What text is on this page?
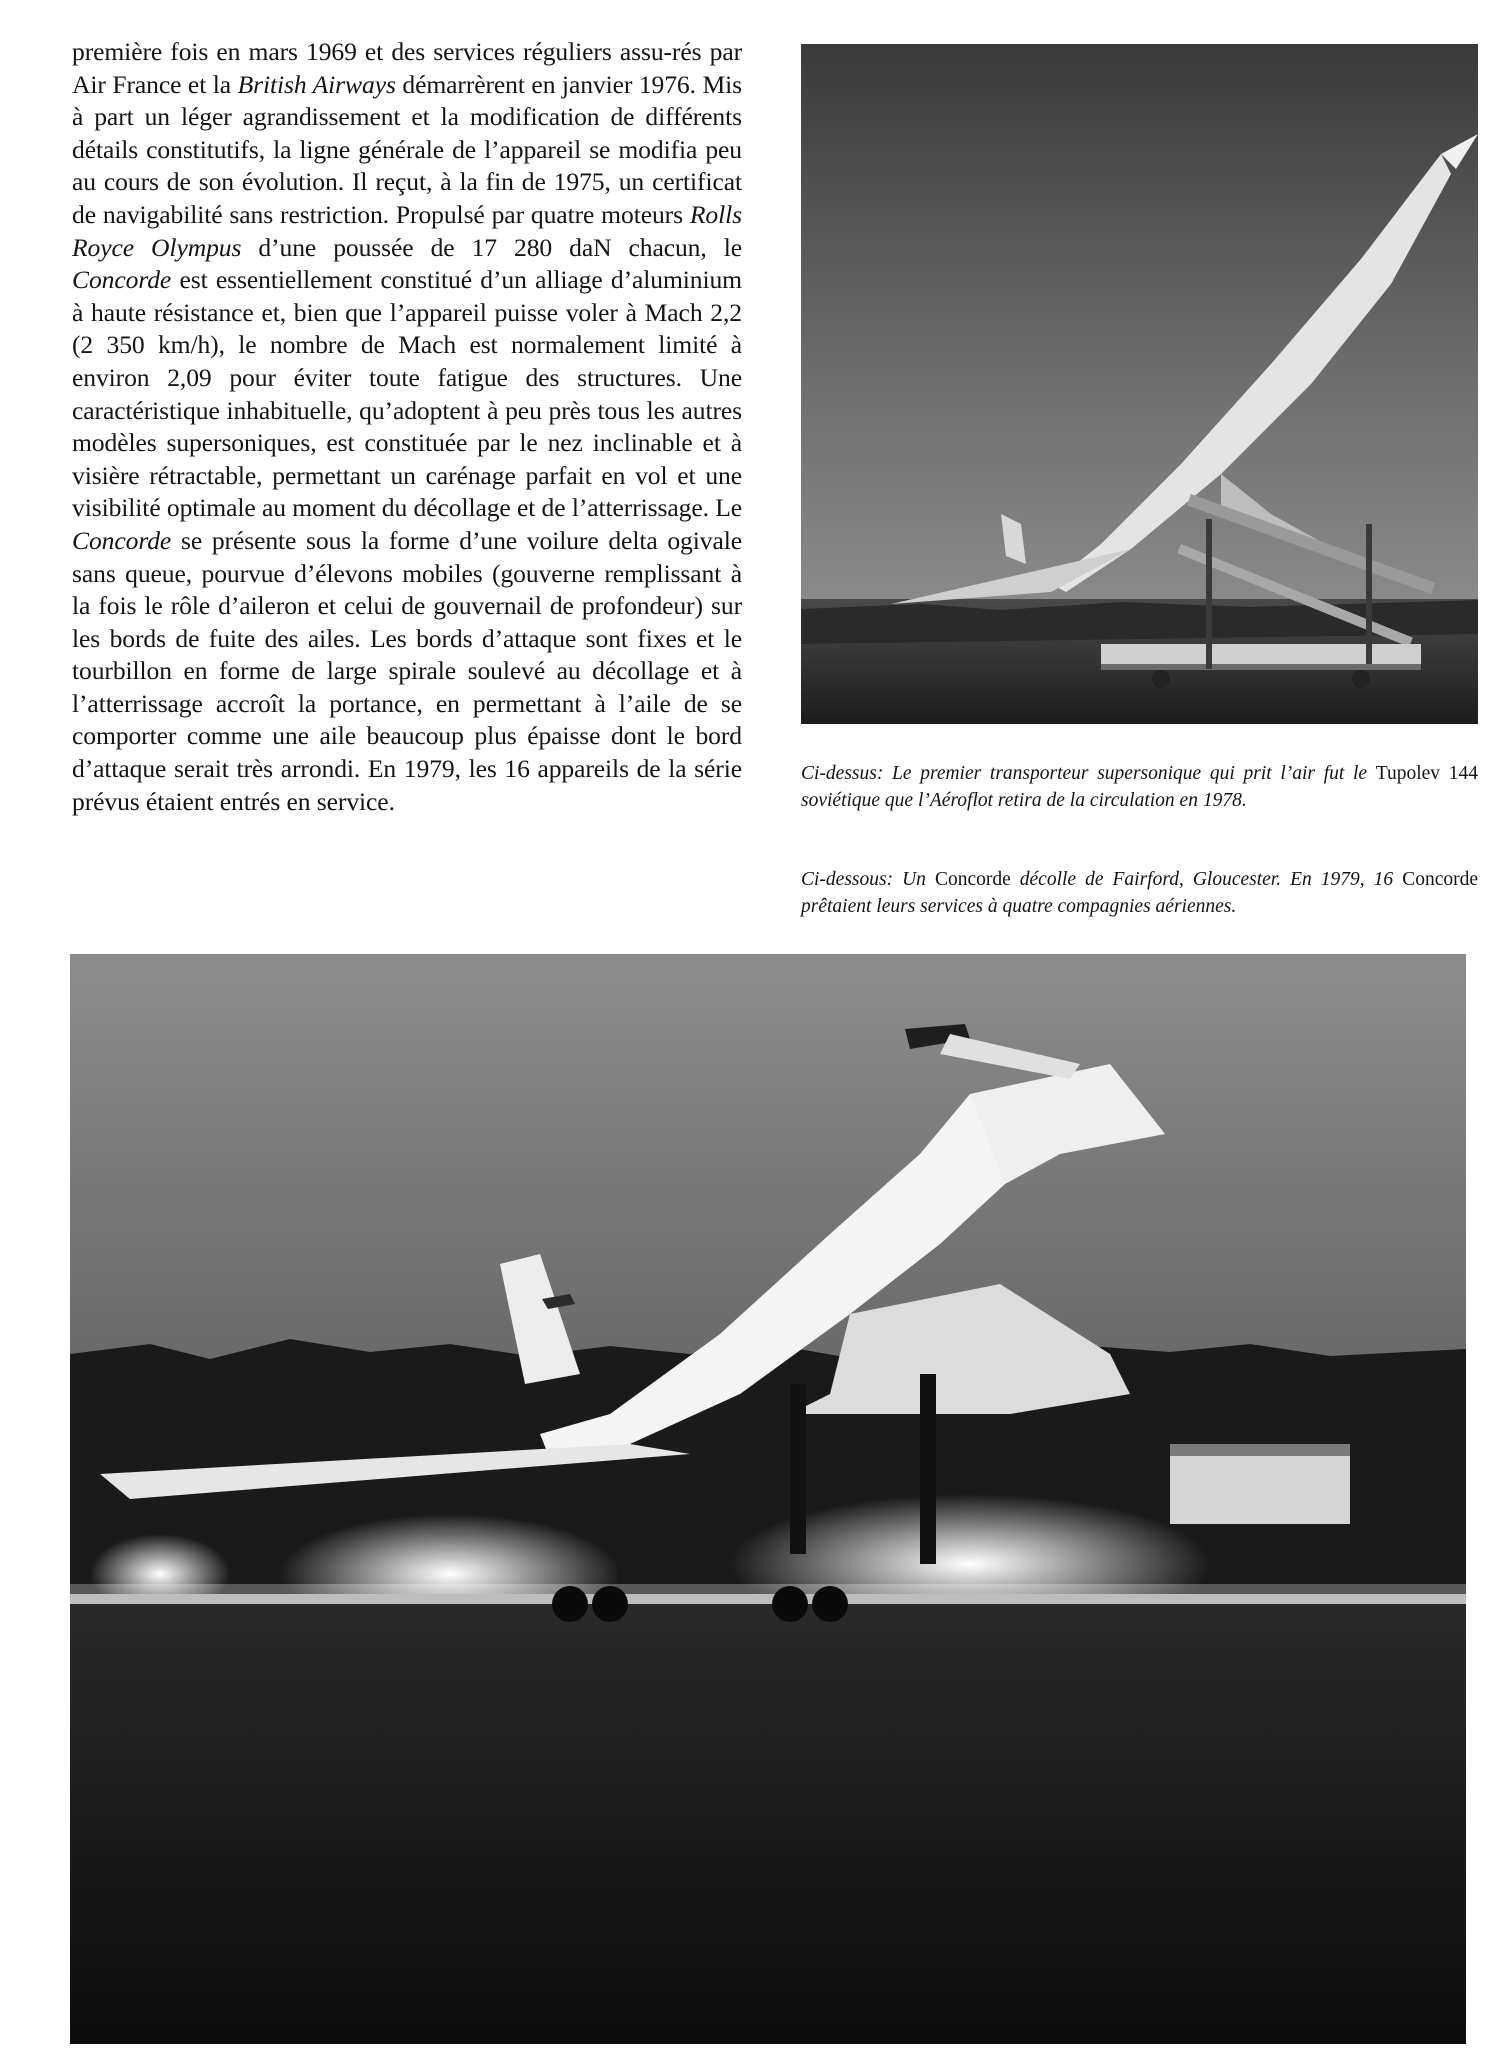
première fois en mars 1969 et des services réguliers assu-rés par Air France et la British Airways démarrèrent en janvier 1976. Mis à part un léger agrandissement et la modification de différents détails constitutifs, la ligne générale de l’appareil se modifia peu au cours de son évolution. Il reçut, à la fin de 1975, un certificat de navigabilité sans restriction. Propulsé par quatre moteurs Rolls Royce Olympus d’une poussée de 17 280 daN chacun, le Concorde est essentiellement constitué d’un alliage d’aluminium à haute résistance et, bien que l’appareil puisse voler à Mach 2,2 (2 350 km/h), le nombre de Mach est normalement limité à environ 2,09 pour éviter toute fatigue des structures. Une caractéristique inhabituelle, qu’adoptent à peu près tous les autres modèles supersoniques, est constituée par le nez inclinable et à visière rétractable, permettant un carénage parfait en vol et une visibilité optimale au moment du décollage et de l’atterrissage. Le Concorde se présente sous la forme d’une voilure delta ogivale sans queue, pourvue d’élevons mobiles (gouverne remplissant à la fois le rôle d’aileron et celui de gouvernail de profondeur) sur les bords de fuite des ailes. Les bords d’attaque sont fixes et le tourbillon en forme de large spirale soulevé au décollage et à l’atterrissage accroît la portance, en permettant à l’aile de se comporter comme une aile beaucoup plus épaisse dont le bord d’attaque serait très arrondi. En 1979, les 16 appareils de la série prévus étaient entrés en service.
Ci-dessus: Le premier transporteur supersonique qui prit l’air fut le Tupolev 144 soviétique que l’Aéroflot retira de la circulation en 1978.
Ci-dessous: Un Concorde décolle de Fairford, Gloucester. En 1979, 16 Concorde prêtaient leurs services à quatre compagnies aériennes.
